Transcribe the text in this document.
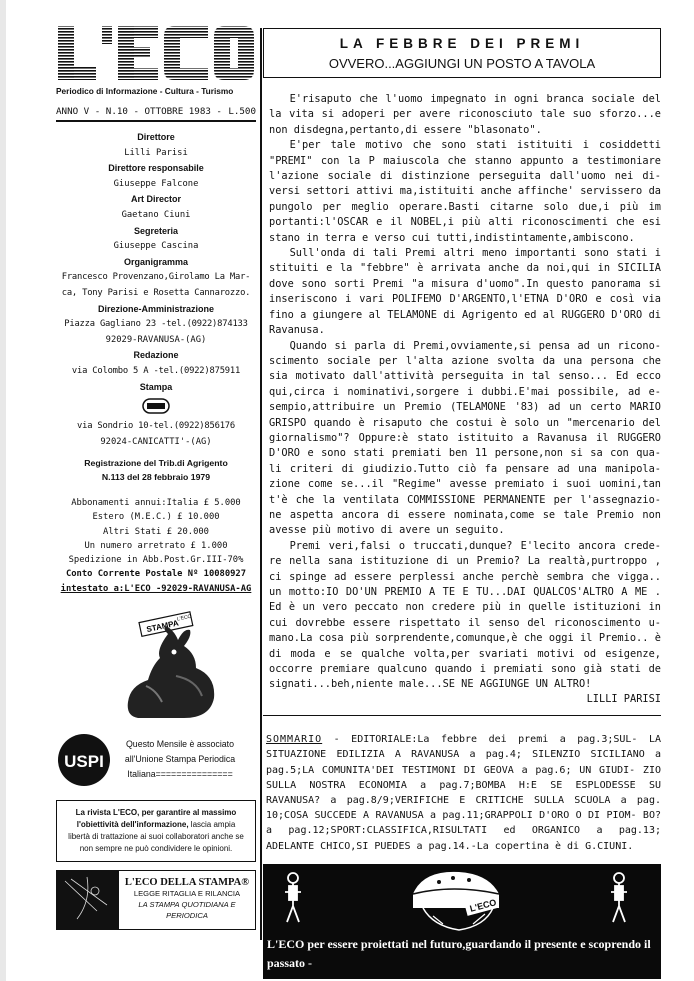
Periodico di Informazione - Cultura - Turismo
ANNO V - N.10 - OTTOBRE 1983 - L.500
Direttore
Lilli Parisi
Direttore responsabile
Giuseppe Falcone
Art Director
Gaetano Ciuni
Segreteria
Giuseppe Cascina
Organigramma
Francesco Provenzano,Girolamo La Mar-
ca, Tony Parisi e Rosetta Cannarozzo.
Direzione-Amministrazione
Piazza Gagliano 23 -tel.(0922)874133
92029-RAVANUSA-(AG)
Redazione
via Colombo 5 A -tel.(0922)875911
Stampa
via Sondrio 10-tel.(0922)856176
92024-CANICATTI'-(AG)
Registrazione del Trib.di Agrigento
N.113 del 28 febbraio 1979
Abbonamenti annui:Italia £ 5.000
Estero (M.E.C.) £ 10.000
Altri Stati £ 20.000
Un numero arretrato £ 1.000
Spedizione in Abb.Post.Gr.III-70%
Conto Corrente Postale Nº 10080927
intestato a:L'ECO -92029-RAVANUSA-AG
STAMPA
L'ECO
USPI
Questo Mensile è associato all'Unione Stampa Periodica Italiana===============
La rivista L'ECO, per garantire al massimo l'obiettività dell'informazione, lascia ampia libertà di trattazione ai suoi collaboratori anche se non sempre ne può condividere le opinioni.
L'ECO DELLA STAMPA®
LEGGE RITAGLIA E RILANCIA
LA STAMPA QUOTIDIANA E PERIODICA
LA FEBBRE DEI PREMI
OVVERO...AGGIUNGI UN POSTO A TAVOLA

E'risaputo che l'uomo impegnato in ogni branca sociale del la vita si adoperi per avere riconosciuto tale suo sforzo...e non disdegna,pertanto,di essere "blasonato".

E'per tale motivo che sono stati istituiti i cosiddetti "PREMI" con la P maiuscola che stanno appunto a testimoniare l'azione sociale di distinzione perseguita dall'uomo nei di- versi settori attivi ma,istituiti anche affinche' servissero da pungolo per meglio operare.Basti citarne solo due,i più im portanti:l'OSCAR e il NOBEL,i più alti riconoscimenti che esi stano in terra e verso cui tutti,indistintamente,ambiscono.

Sull'onda di tali Premi altri meno importanti sono stati i stituiti e la "febbre" è arrivata anche da noi,qui in SICILIA dove sono sorti Premi "a misura d'uomo".In questo panorama si inseriscono i vari POLIFEMO D'ARGENTO,l'ETNA D'ORO e così via fino a giungere al TELAMONE di Agrigento ed al RUGGERO D'ORO di Ravanusa.

Quando si parla di Premi,ovviamente,si pensa ad un ricono- scimento sociale per l'alta azione svolta da una persona che sia motivato dall'attività perseguita in tal senso... Ed ecco qui,circa i nominativi,sorgere i dubbi.E'mai possibile, ad e- sempio,attribuire un Premio (TELAMONE '83) ad un certo MARIO GRISPO quando è risaputo che costui è solo un "mercenario del giornalismo"? Oppure:è stato istituito a Ravanusa il RUGGERO D'ORO e sono stati premiati ben 11 persone,non si sa con qua- li criteri di giudizio.Tutto ciò fa pensare ad una manipola- zione come se...il "Regime" avesse premiato i suoi uomini,tan t'è che la ventilata COMMISSIONE PERMANENTE per l'assegnazio- ne aspetta ancora di essere nominata,come se tale Premio non avesse più motivo di avere un seguito.

Premi veri,falsi o truccati,dunque? E'lecito ancora crede- re nella sana istituzione di un Premio? La realtà,purtroppo , ci spinge ad essere perplessi anche perchè sembra che vigga.. un motto:IO DO'UN PREMIO A TE E TU...DAI QUALCOS'ALTRO A ME . Ed è un vero peccato non credere più in quelle istituzioni in cui dovrebbe essere rispettato il senso del riconoscimento u- mano.La cosa più sorprendente,comunque,è che oggi il Premio.. è di moda e se qualche volta,per svariati motivi od esigenze, occorre premiare qualcuno quando i premiati sono già stati de signati...beh,niente male...SE NE AGGIUNGE UN ALTRO!

LILLI PARISI
SOMMARIO - EDITORIALE:La febbre dei premi a pag.3;SUL- LA SITUAZIONE EDILIZIA A RAVANUSA a pag.4; SILENZIO SICILIANO a pag.5;LA COMUNITA'DEI TESTIMONI DI GEOVA a pag.6; UN GIUDI- ZIO SULLA NOSTRA ECONOMIA a pag.7;BOMBA H:E SE ESPLODESSE SU RAVANUSA? a pag.8/9;VERIFICHE E CRITICHE SULLA SCUOLA a pag. 10;COSA SUCCEDE A RAVANUSA a pag.11;GRAPPOLI D'ORO O DI PIOM- BO? a pag.12;SPORT:CLASSIFICA,RISULTATI ed ORGANICO a pag.13; ADELANTE CHICO,SI PUEDES a pag.14.-La copertina è di G.CIUNI.
L'ECO
L'ECO per essere proiettati nel futuro,guardando il presente e scoprendo il passato -
